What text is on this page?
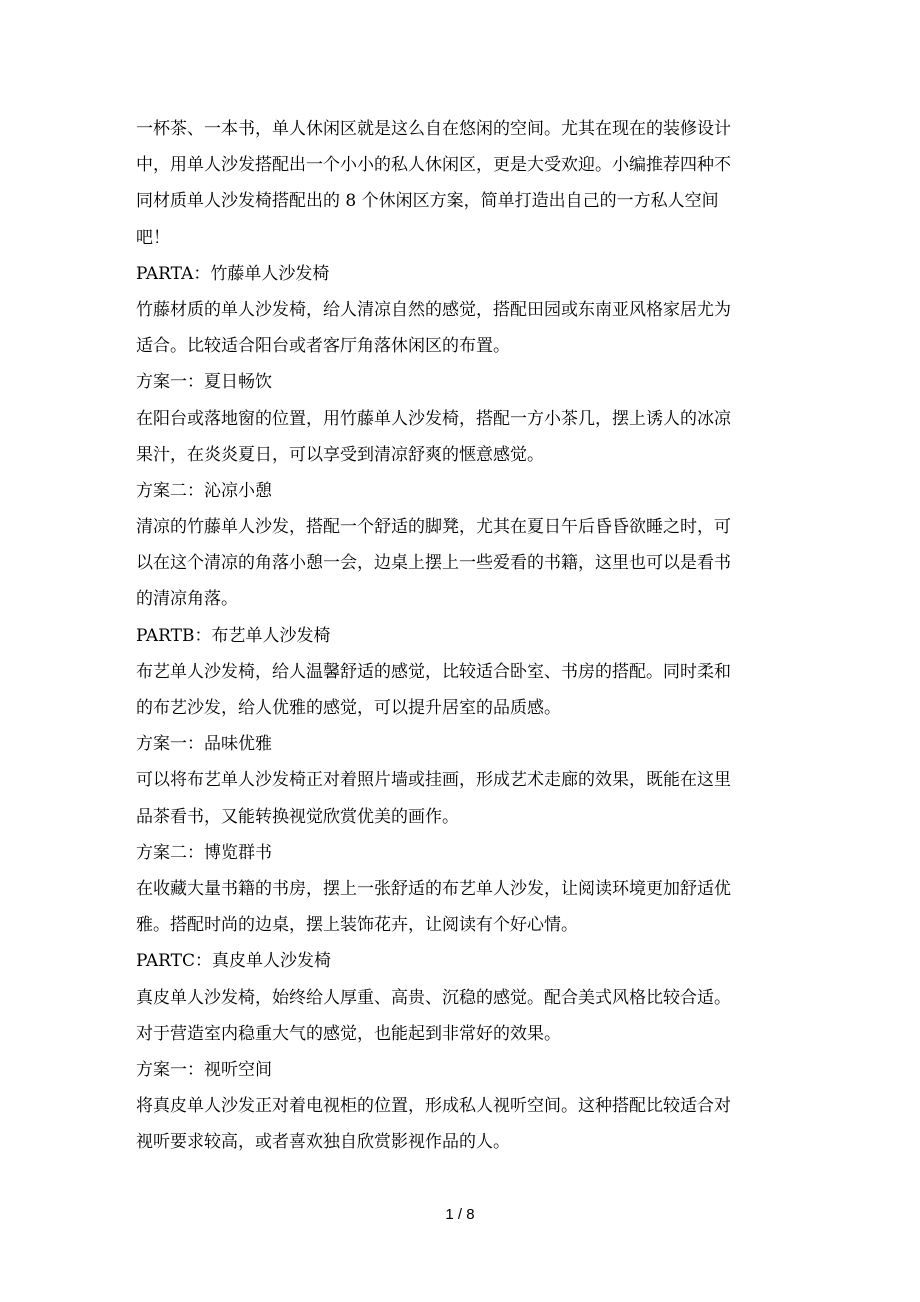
一杯茶、一本书，单人休闲区就是这么自在悠闲的空间。尤其在现在的装修设计
中，用单人沙发搭配出一个小小的私人休闲区，更是大受欢迎。小编推荐四种不
同材质单人沙发椅搭配出的 8 个休闲区方案，简单打造出自己的一方私人空间
吧！
PARTA：竹藤单人沙发椅
竹藤材质的单人沙发椅，给人清凉自然的感觉，搭配田园或东南亚风格家居尤为
适合。比较适合阳台或者客厅角落休闲区的布置。
方案一：夏日畅饮
在阳台或落地窗的位置，用竹藤单人沙发椅，搭配一方小茶几，摆上诱人的冰凉
果汁，在炎炎夏日，可以享受到清凉舒爽的惬意感觉。
方案二：沁凉小憩
清凉的竹藤单人沙发，搭配一个舒适的脚凳，尤其在夏日午后昏昏欲睡之时，可
以在这个清凉的角落小憩一会，边桌上摆上一些爱看的书籍，这里也可以是看书
的清凉角落。
PARTB：布艺单人沙发椅
布艺单人沙发椅，给人温馨舒适的感觉，比较适合卧室、书房的搭配。同时柔和
的布艺沙发，给人优雅的感觉，可以提升居室的品质感。
方案一：品味优雅
可以将布艺单人沙发椅正对着照片墙或挂画，形成艺术走廊的效果，既能在这里
品茶看书，又能转换视觉欣赏优美的画作。
方案二：博览群书
在收藏大量书籍的书房，摆上一张舒适的布艺单人沙发，让阅读环境更加舒适优
雅。搭配时尚的边桌，摆上装饰花卉，让阅读有个好心情。
PARTC：真皮单人沙发椅
真皮单人沙发椅，始终给人厚重、高贵、沉稳的感觉。配合美式风格比较合适。
对于营造室内稳重大气的感觉，也能起到非常好的效果。
方案一：视听空间
将真皮单人沙发正对着电视柜的位置，形成私人视听空间。这种搭配比较适合对
视听要求较高，或者喜欢独自欣赏影视作品的人。
1 / 8
